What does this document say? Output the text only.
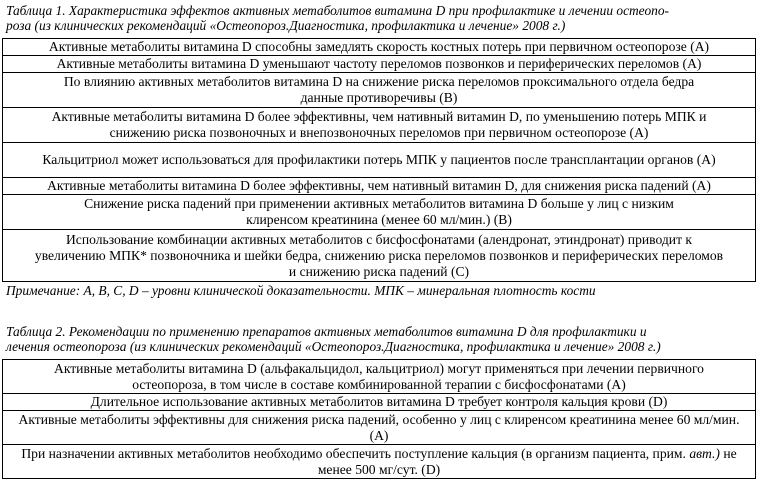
Таблица 1. Характеристика эффектов активных метаболитов витамина D при профилактике и лечении остеопо-
роза (из клинических рекомендаций «Остеопороз.Диагностика, профилактика и лечение» 2008 г.)
Активные метаболиты витамина D способны замедлять скорость костных потерь при первичном остеопорозе (А)
Активные метаболиты витамина D уменьшают частоту переломов позвонков и периферических переломов (А)
По влиянию активных метаболитов витамина D на снижение риска переломов проксимального отдела бедра данные противоречивы (В)
Активные метаболиты витамина D более эффективны, чем нативный витамин D, по уменьшению потерь МПК и снижению риска позвоночных и внепозвоночных переломов при первичном остеопорозе (А)
Кальцитриол может использоваться для профилактики потерь МПК у пациентов после трансплантации органов (А)
Активные метаболиты витамина D более эффективны, чем нативный витамин D, для снижения риска падений (А)
Снижение риска падений при применении активных метаболитов витамина D больше у лиц с низким клиренсом креатинина (менее 60 мл/мин.) (В)
Использование комбинации активных метаболитов с бисфосфонатами (алендронат, этиндронат) приводит к увеличению МПК* позвоночника и шейки бедра, снижению риска переломов позвонков и периферических переломов и снижению риска падений (С)
Примечание: А, В, С, D – уровни клинической доказательности. МПК – минеральная плотность кости
Таблица 2. Рекомендации по применению препаратов активных метаболитов витамина D для профилактики и
лечения остеопороза (из клинических рекомендаций «Остеопороз.Диагностика, профилактика и лечение» 2008 г.)
Активные метаболиты витамина D (альфакальцидол, кальцитриол) могут применяться при лечении первичного остеопороза, в том числе в составе комбинированной терапии с бисфосфонатами (А)
Длительное использование активных метаболитов витамина D требует контроля кальция крови (D)
Активные метаболиты эффективны для снижения риска падений, особенно у лиц с клиренсом креатинина менее 60 мл/мин. (А)
При назначении активных метаболитов необходимо обеспечить поступление кальция (в организм пациента, прим. авт.) не менее 500 мг/сут. (D)
